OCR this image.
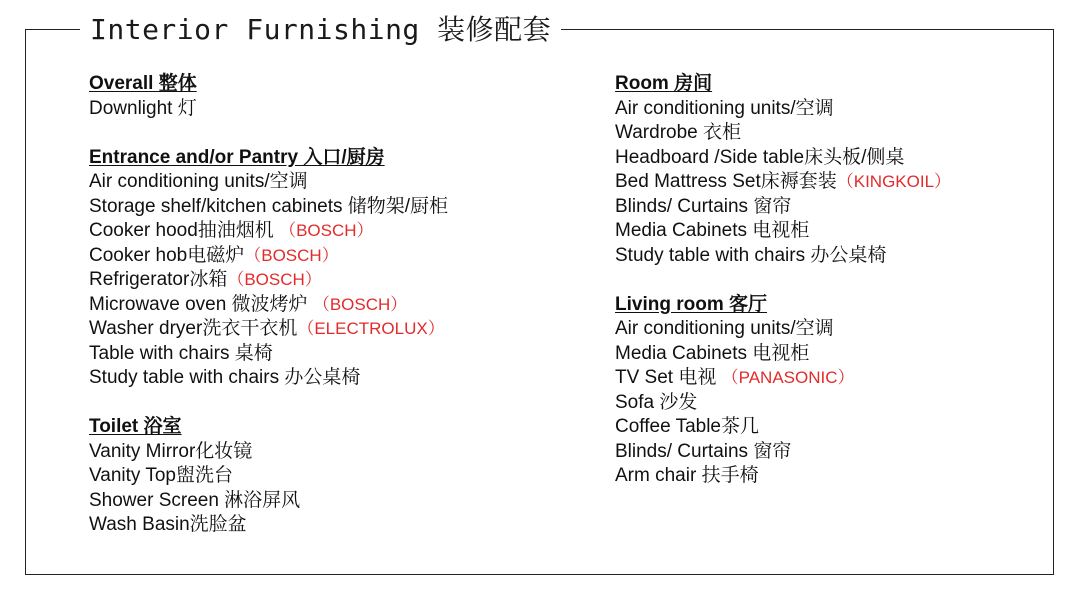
Interior Furnishing 装修配套
Overall 整体
Downlight 灯
Entrance and/or Pantry 入口/厨房
Air conditioning units/空调
Storage shelf/kitchen cabinets 储物架/厨柜
Cooker hood抽油烟机 （BOSCH）
Cooker hob电磁炉（BOSCH）
Refrigerator冰箱（BOSCH）
Microwave oven 微波烤炉 （BOSCH）
Washer dryer洗衣干衣机（ELECTROLUX）
Table with chairs 桌椅
Study table with chairs 办公桌椅
Toilet 浴室
Vanity Mirror化妆镜
Vanity Top盥洗台
Shower Screen 淋浴屏风
Wash Basin洗脸盆
Room 房间
Air conditioning units/空调
Wardrobe 衣柜
Headboard /Side table床头板/侧桌
Bed Mattress Set床褥套装（KINGKOIL）
Blinds/ Curtains 窗帘
Media Cabinets 电视柜
Study table with chairs 办公桌椅
Living room 客厅
Air conditioning units/空调
Media Cabinets 电视柜
TV Set 电视 （PANASONIC）
Sofa 沙发
Coffee Table茶几
Blinds/ Curtains 窗帘
Arm chair 扶手椅
